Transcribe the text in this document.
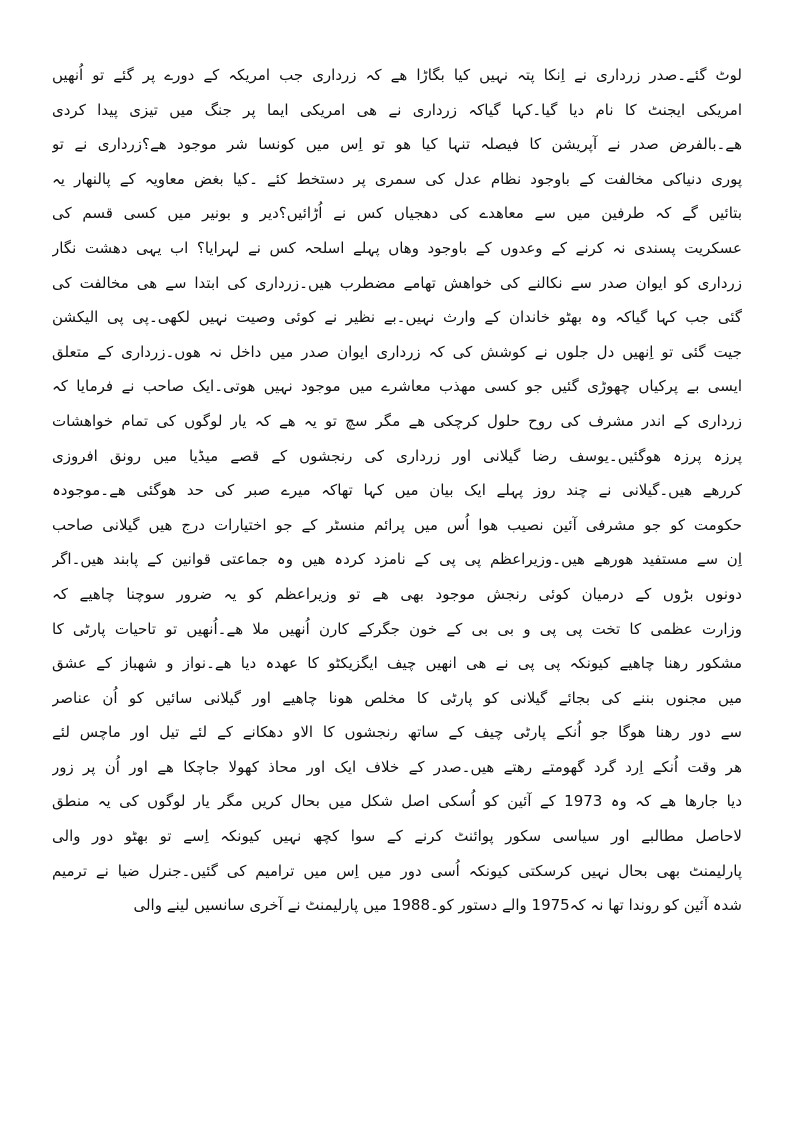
لوٹ گئے۔صدر زرداری نے اِنکا پتہ نہیں کیا بگاڑا ھے کہ زرداری جب امریکہ کے دورے پر گئے تو اُنھیں
امریکی ایجنٹ کا نام دیا گیا۔کہا گیاکہ زرداری نے ھی امریکی ایما پر جنگ میں تیزی پیدا کردی
ھے۔بالفرض صدر نے آپریشن کا فیصلہ تنہا کیا ھو تو اِس میں کونسا شر موجود ھے؟زرداری نے تو
پوری دنیاکی مخالفت کے باوجود نظام عدل کی سمری پر دستخط کئے ۔کیا بغض معاویہ کے پالنھار یہ
بتائیں گے کہ طرفین میں سے معاھدے کی دھجیاں کس نے اُڑائیں؟دیر و بونیر میں کسی قسم کی
عسکریت پسندی نہ کرنے کے وعدوں کے باوجود وھاں پہلے اسلحہ کس نے لہرایا؟ اب یہی دھشت نگار
زرداری کو ایوان صدر سے نکالنے کی خواھش تھامے مضطرب ھیں۔زرداری کی ابتدا سے ھی مخالفت کی
گئی جب کہا گیاکہ وہ بھٹو خاندان کے وارث نہیں۔بے نظیر نے کوئی وصیت نہیں لکھی۔پی پی الیکشن
جیت گئی تو اِنھیں دل جلوں نے کوشش کی کہ زرداری ایوان صدر میں داخل نہ ھوں۔زرداری کے متعلق
ایسی بے پرکیاں چھوڑی گئیں جو کسی مھذب معاشرے میں موجود نہیں ھوتی۔ایک صاحب نے فرمایا کہ
زرداری کے اندر مشرف کی روح حلول کرچکی ھے مگر سچ تو یہ ھے کہ یار لوگوں کی تمام خواھشات
پرزہ پرزہ ھوگئیں۔یوسف رضا گیلانی اور زرداری کی رنجشوں کے قصے میڈیا میں رونق افروزی
کررھے ھیں۔گیلانی نے چند روز پہلے ایک بیان میں کہا تھاکہ میرے صبر کی حد ھوگئی ھے۔موجودہ
حکومت کو جو مشرفی آئین نصیب ھوا اُس میں پرائم منسٹر کے جو اختیارات درج ھیں گیلانی صاحب
اِن سے مستفید ھورھے ھیں۔وزیراعظم پی پی کے نامزد کردہ ھیں وہ جماعتی قوانین کے پابند ھیں۔اگر
دونوں بڑوں کے درمیان کوئی رنجش موجود بھی ھے تو وزیراعظم کو یہ ضرور سوچنا چاھیے کہ
وزارت عظمی کا تخت پی پی و بی بی کے خون جگرکے کارن اُنھیں ملا ھے۔اُنھیں تو تاحیات پارٹی کا
مشکور رھنا چاھیے کیونکہ پی پی نے ھی انھیں چیف ایگزیکٹو کا عھدہ دیا ھے۔نواز و شھباز کے عشق
میں مجنوں بننے کی بجائے گیلانی کو پارٹی کا مخلص ھونا چاھیے اور گیلانی سائیں کو اُن عناصر
سے دور رھنا ھوگا جو اُنکے پارٹی چیف کے ساتھ رنجشوں کا الاو دھکانے کے لئے تیل اور ماچس لئے
ھر وقت اُنکے اِرد گرد گھومتے رھتے ھیں۔صدر کے خلاف ایک اور محاذ کھولا جاچکا ھے اور اُن پر زور
دیا جارھا ھے کہ وہ 1973 کے آئین کو اُسکی اصل شکل میں بحال کریں مگر یار لوگوں کی یہ منطق
لاحاصل مطالبے اور سیاسی سکور پوائنٹ کرنے کے سوا کچھ نہیں کیونکہ اِسے تو بھٹو دور والی
پارلیمنٹ بھی بحال نہیں کرسکتی کیونکہ اُسی دور میں اِس میں ترامیم کی گئیں۔جنرل ضیا نے ترمیم
شدہ آئین کو روندا تھا نہ کہ1975 والے دستور کو۔1988 میں پارلیمنٹ نے آخری سانسیں لینے والی
